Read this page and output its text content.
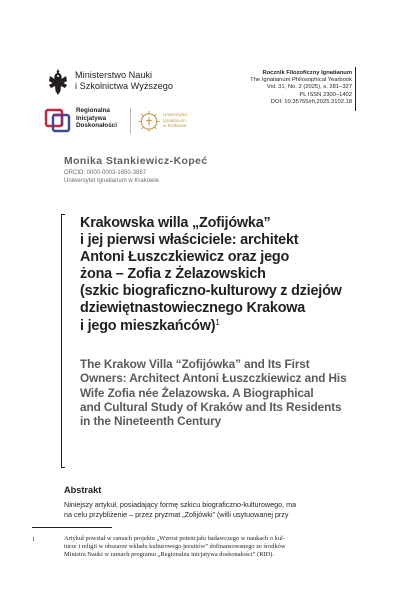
Ministerstwo Nauki
i Szkolnictwa Wyższego
Regionalna
Inicjatywa
Doskonałości
Uniwersytet
Ignatianum
w Krakowie
Rocznik Filozoficzny Ignatianum
The Ignatianum Philosophical Yearbook
Vol. 31, No. 2 (2025), s. 281–327
PL ISSN 2300–1402
DOI: 10.35765/rfi.2025.3102.18
Monika Stankiewicz-Kopeć
ORCID: 0000-0003-1650-3887
Uniwersytet Ignatianum w Krakowie
Krakowska willa „Zofijówka”
i jej pierwsi właściciele: architekt
Antoni Łuszczkiewicz oraz jego
żona – Zofia z Żelazowskich
(szkic biograficzno-kulturowy z dziejów
dziewiętnastowiecznego Krakowa
i jego mieszkańców)$^1$
The Krakow Villa “Zofijówka” and Its First
Owners: Architect Antoni Łuszczkiewicz and His
Wife Zofia née Żelazowska. A Biographical
and Cultural Study of Kraków and Its Residents
in the Nineteenth Century
Abstrakt
Niniejszy artykuł, posiadający formę szkicu biograficzno-kulturowego, ma
na celu przybliżenie – przez pryzmat „Zofijówki” (willi usytuowanej przy
1	Artykuł powstał w ramach projektu „Wzrost potencjału badawczego w naukach o kul-
turze i religii w obszarze wkładu kulturowego jezuitów” dofinansowanego ze środków
Ministra Nauki w ramach programu „Regionalna inicjatywa doskonałości” (RID).
